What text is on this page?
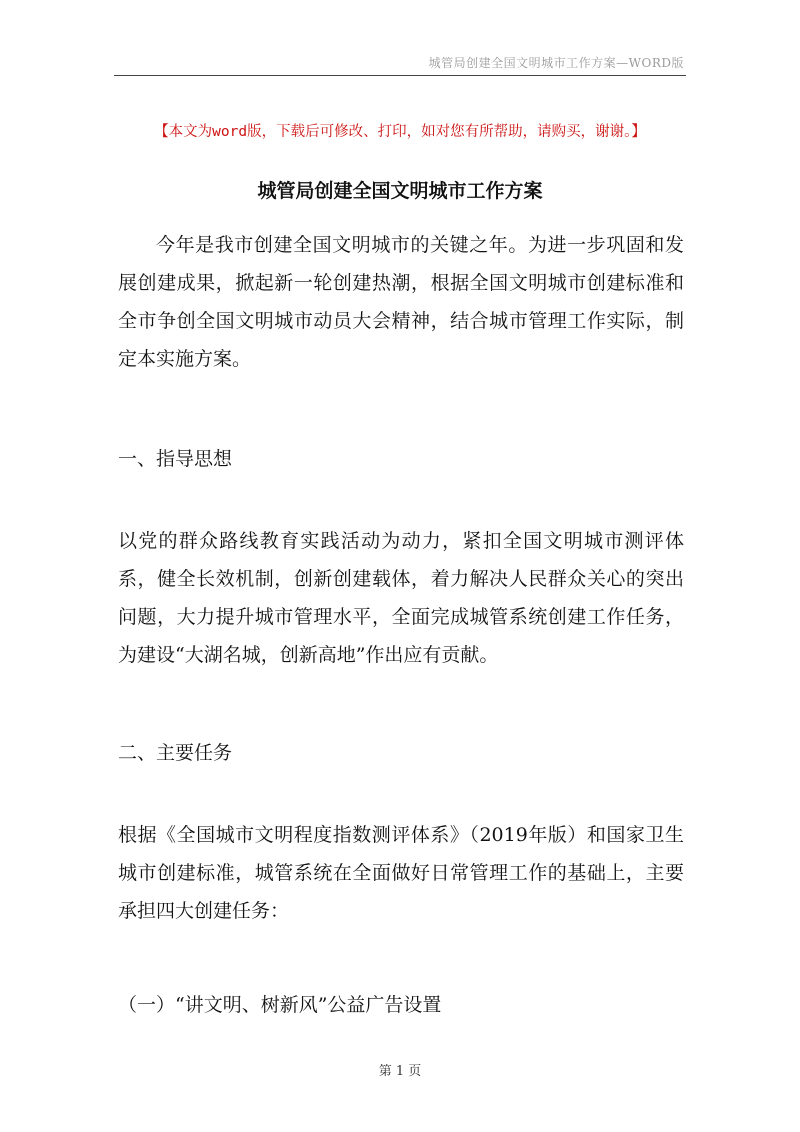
城管局创建全国文明城市工作方案—WORD版
【本文为word版，下载后可修改、打印，如对您有所帮助，请购买，谢谢。】
城管局创建全国文明城市工作方案

今年是我市创建全国文明城市的关键之年。为进一步巩固和发展创建成果，掀起新一轮创建热潮，根据全国文明城市创建标准和全市争创全国文明城市动员大会精神，结合城市管理工作实际，制定本实施方案。

一、指导思想

以党的群众路线教育实践活动为动力，紧扣全国文明城市测评体系，健全长效机制，创新创建载体，着力解决人民群众关心的突出问题，大力提升城市管理水平，全面完成城管系统创建工作任务，为建设“大湖名城，创新高地”作出应有贡献。

二、主要任务

根据《全国城市文明程度指数测评体系》（2019年版）和国家卫生城市创建标准，城管系统在全面做好日常管理工作的基础上，主要承担四大创建任务：

（一）“讲文明、树新风”公益广告设置
第 1 页
